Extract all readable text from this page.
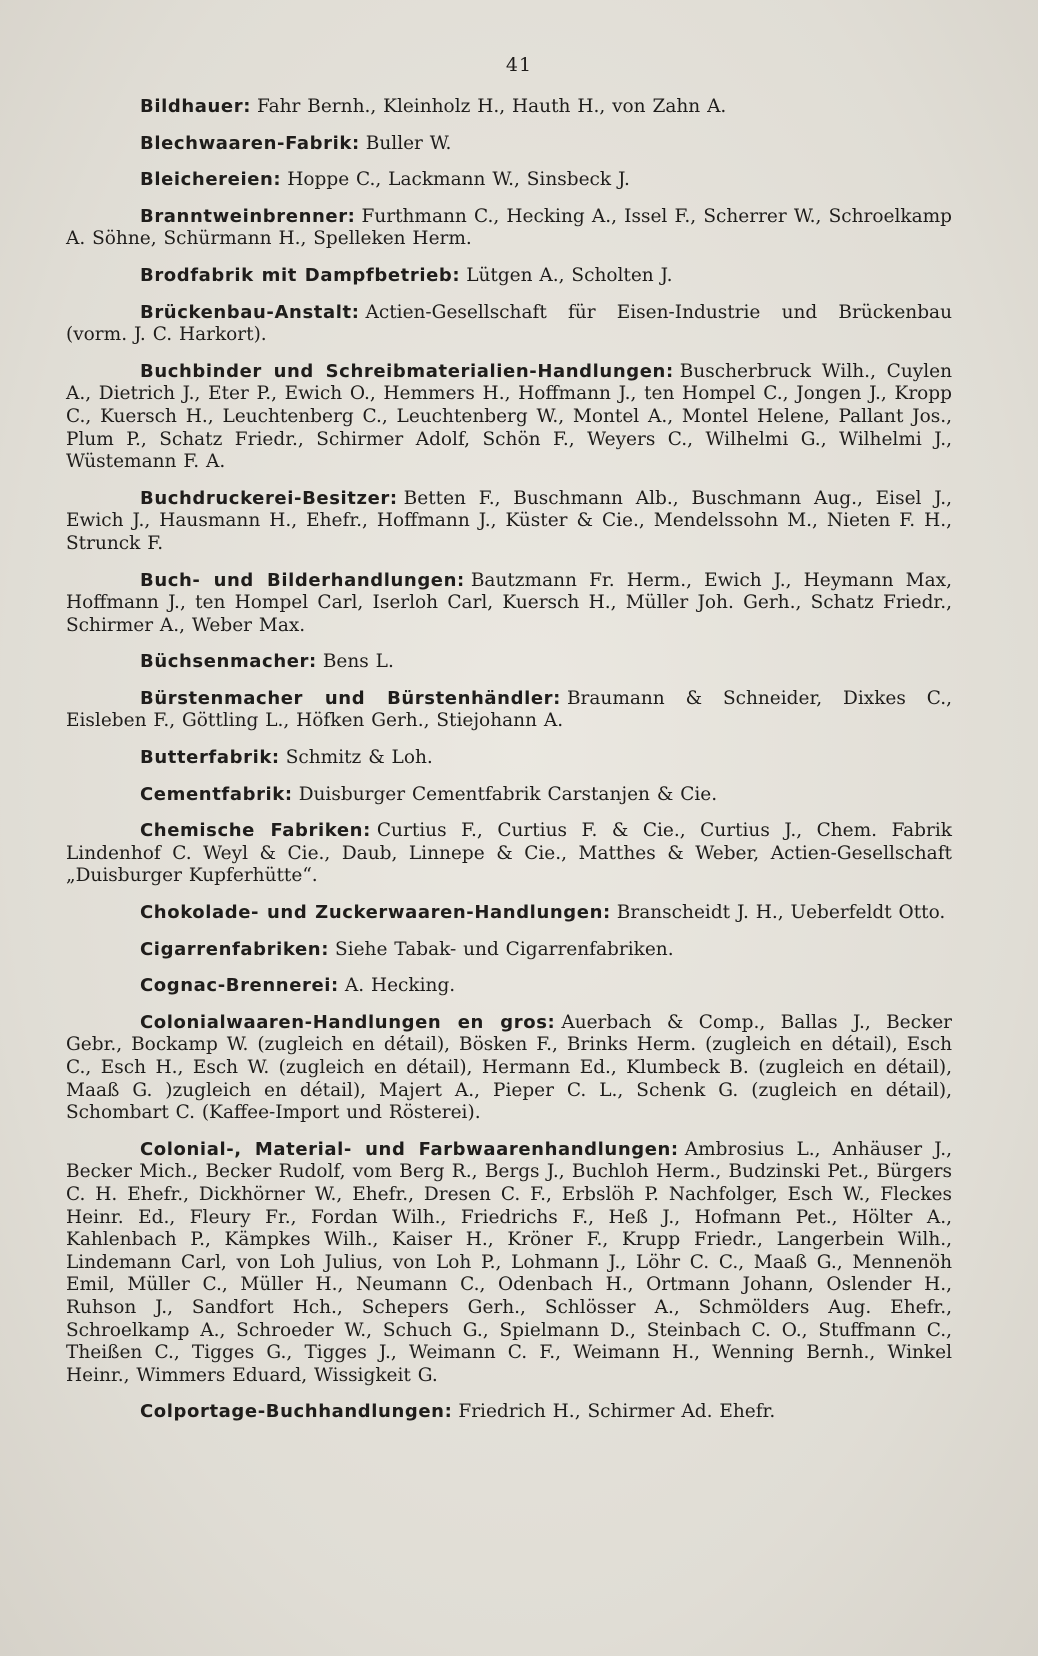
41

Bildhauer: Fahr Bernh., Kleinholz H., Hauth H., von Zahn A.

Blechwaaren-Fabrik: Buller W.

Bleichereien: Hoppe C., Lackmann W., Sinsbeck J.

Branntweinbrenner: Furthmann C., Hecking A., Issel F., Scherrer W., Schroelkamp A. Söhne, Schürmann H., Spelleken Herm.

Brodfabrik mit Dampfbetrieb: Lütgen A., Scholten J.

Brückenbau-Anstalt: Actien-Gesellschaft für Eisen-Industrie und Brückenbau (vorm. J. C. Harkort).

Buchbinder und Schreibmaterialien-Handlungen: Buscherbruck Wilh., Cuylen A., Dietrich J., Eter P., Ewich O., Hemmers H., Hoffmann J., ten Hompel C., Jongen J., Kropp C., Kuersch H., Leuchtenberg C., Leuchtenberg W., Montel A., Montel Helene, Pallant Jos., Plum P., Schatz Friedr., Schirmer Adolf, Schön F., Weyers C., Wilhelmi G., Wilhelmi J., Wüstemann F. A.

Buchdruckerei-Besitzer: Betten F., Buschmann Alb., Buschmann Aug., Eisel J., Ewich J., Hausmann H., Ehefr., Hoffmann J., Küster & Cie., Mendelssohn M., Nieten F. H., Strunck F.

Buch- und Bilderhandlungen: Bautzmann Fr. Herm., Ewich J., Heymann Max, Hoffmann J., ten Hompel Carl, Iserloh Carl, Kuersch H., Müller Joh. Gerh., Schatz Friedr., Schirmer A., Weber Max.

Büchsenmacher: Bens L.

Bürstenmacher und Bürstenhändler: Braumann & Schneider, Dixkes C., Eisleben F., Göttling L., Höfken Gerh., Stiejohann A.

Butterfabrik: Schmitz & Loh.

Cementfabrik: Duisburger Cementfabrik Carstanjen & Cie.

Chemische Fabriken: Curtius F., Curtius F. & Cie., Curtius J., Chem. Fabrik Lindenhof C. Weyl & Cie., Daub, Linnepe & Cie., Matthes & Weber, Actien-Gesellschaft „Duisburger Kupferhütte“.

Chokolade- und Zuckerwaaren-Handlungen: Branscheidt J. H., Ueberfeldt Otto.

Cigarrenfabriken: Siehe Tabak- und Cigarrenfabriken.

Cognac-Brennerei: A. Hecking.

Colonialwaaren-Handlungen en gros: Auerbach & Comp., Ballas J., Becker Gebr., Bockamp W. (zugleich en détail), Bösken F., Brinks Herm. (zugleich en détail), Esch C., Esch H., Esch W. (zugleich en détail), Hermann Ed., Klumbeck B. (zugleich en détail), Maaß G. )zugleich en détail), Majert A., Pieper C. L., Schenk G. (zugleich en détail), Schombart C. (Kaffee-Import und Rösterei).

Colonial-, Material- und Farbwaarenhandlungen: Ambrosius L., Anhäuser J., Becker Mich., Becker Rudolf, vom Berg R., Bergs J., Buchloh Herm., Budzinski Pet., Bürgers C. H. Ehefr., Dickhörner W., Ehefr., Dresen C. F., Erbslöh P. Nachfolger, Esch W., Fleckes Heinr. Ed., Fleury Fr., Fordan Wilh., Friedrichs F., Heß J., Hofmann Pet., Hölter A., Kahlenbach P., Kämpkes Wilh., Kaiser H., Kröner F., Krupp Friedr., Langerbein Wilh., Lindemann Carl, von Loh Julius, von Loh P., Lohmann J., Löhr C. C., Maaß G., Mennenöh Emil, Müller C., Müller H., Neumann C., Odenbach H., Ortmann Johann, Oslender H., Ruhson J., Sandfort Hch., Schepers Gerh., Schlösser A., Schmölders Aug. Ehefr., Schroelkamp A., Schroeder W., Schuch G., Spielmann D., Steinbach C. O., Stuffmann C., Theißen C., Tigges G., Tigges J., Weimann C. F., Weimann H., Wenning Bernh., Winkel Heinr., Wimmers Eduard, Wissigkeit G.

Colportage-Buchhandlungen: Friedrich H., Schirmer Ad. Ehefr.
